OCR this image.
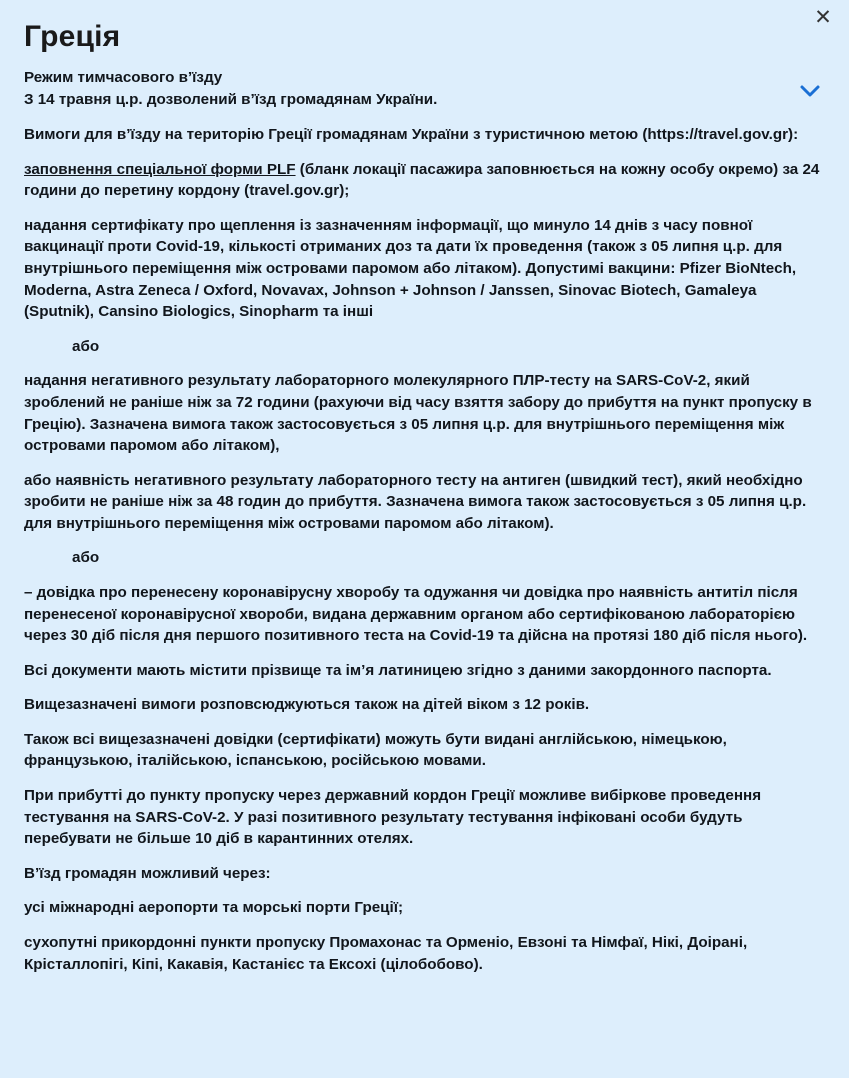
✕
Греція
Режим тимчасового в’їзду
З 14 травня ц.р. дозволений в’їзд громадянам України.
Вимоги для в’їзду на територію Греції громадянам України з туристичною метою (https://travel.gov.gr):
заповнення спеціальної форми PLF (бланк локації пасажира заповнюється на кожну особу окремо) за 24 години до перетину кордону (travel.gov.gr);
надання сертифікату про щеплення із зазначенням інформації, що минуло 14 днів з часу повної вакцинації проти Covid-19, кількості отриманих доз та дати їх проведення (також з 05 липня ц.р. для внутрішнього переміщення між островами паромом або літаком). Допустимі вакцини: Pfizer BioNtech, Moderna, Astra Zeneca / Oxford, Novavax, Johnson + Johnson / Janssen, Sinovac Biotech, Gamaleya (Sputnik), Cansino Biologics, Sinopharm та інші
або
надання негативного результату лабораторного молекулярного ПЛР-тесту на SARS-CoV-2, який зроблений не раніше ніж за 72 години (рахуючи від часу взяття забору до прибуття на пункт пропуску в Грецію). Зазначена вимога також застосовується з 05 липня ц.р. для внутрішнього переміщення між островами паромом або літаком),
або наявність негативного результату лабораторного тесту на антиген (швидкий тест), який необхідно зробити не раніше ніж за 48 годин до прибуття. Зазначена вимога також застосовується з 05 липня ц.р. для внутрішнього переміщення між островами паромом або літаком).
або
– довідка про перенесену коронавірусну хворобу та одужання чи довідка про наявність антитіл після перенесеної коронавірусної хвороби, видана державним органом або сертифікованою лабораторією через 30 діб після дня першого позитивного теста на Covid-19 та дійсна на протязі 180 діб після нього).
Всі документи мають містити прізвище та ім’я латиницею згідно з даними закордонного паспорта.
Вищезазначені вимоги розповсюджуються також на дітей віком з 12 років.
Також всі вищезазначені довідки (сертифікати) можуть бути видані англійською, німецькою, французькою, італійською, іспанською, російською мовами.
При прибутті до пункту пропуску через державний кордон Греції можливе вибіркове проведення тестування на SARS-CoV-2. У разі позитивного результату тестування інфіковані особи будуть перебувати не більше 10 діб в карантинних отелях.
В’їзд громадян можливий через:
усі міжнародні аеропорти та морські порти Греції;
сухопутні прикордонні пункти пропуску Промахонас та Орменіо, Евзоні та Німфаї, Нікі, Доірані, Крісталлопігі, Кіпі, Какавія, Кастанієс та Ексохі (цілобобово).
